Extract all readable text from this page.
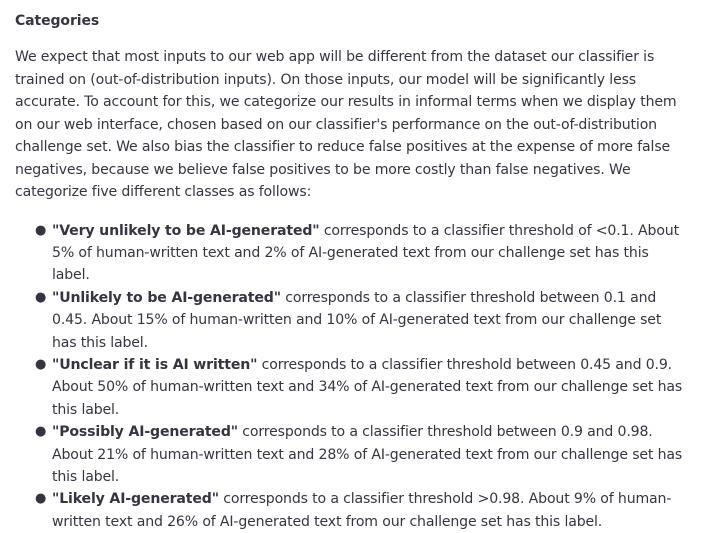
Categories

We expect that most inputs to our web app will be different from the dataset our classifier is trained on (out-of-distribution inputs). On those inputs, our model will be significantly less accurate. To account for this, we categorize our results in informal terms when we display them on our web interface, chosen based on our classifier's performance on the out-of-distribution challenge set. We also bias the classifier to reduce false positives at the expense of more false negatives, because we believe false positives to be more costly than false negatives. We categorize five different classes as follows:

● "Very unlikely to be AI-generated" corresponds to a classifier threshold of <0.1. About 5% of human-written text and 2% of AI-generated text from our challenge set has this label.
● "Unlikely to be AI-generated" corresponds to a classifier threshold between 0.1 and 0.45. About 15% of human-written and 10% of AI-generated text from our challenge set has this label.
● "Unclear if it is AI written" corresponds to a classifier threshold between 0.45 and 0.9. About 50% of human-written text and 34% of AI-generated text from our challenge set has this label.
● "Possibly AI-generated" corresponds to a classifier threshold between 0.9 and 0.98. About 21% of human-written text and 28% of AI-generated text from our challenge set has this label.
● "Likely AI-generated" corresponds to a classifier threshold >0.98. About 9% of human-written text and 26% of AI-generated text from our challenge set has this label.
